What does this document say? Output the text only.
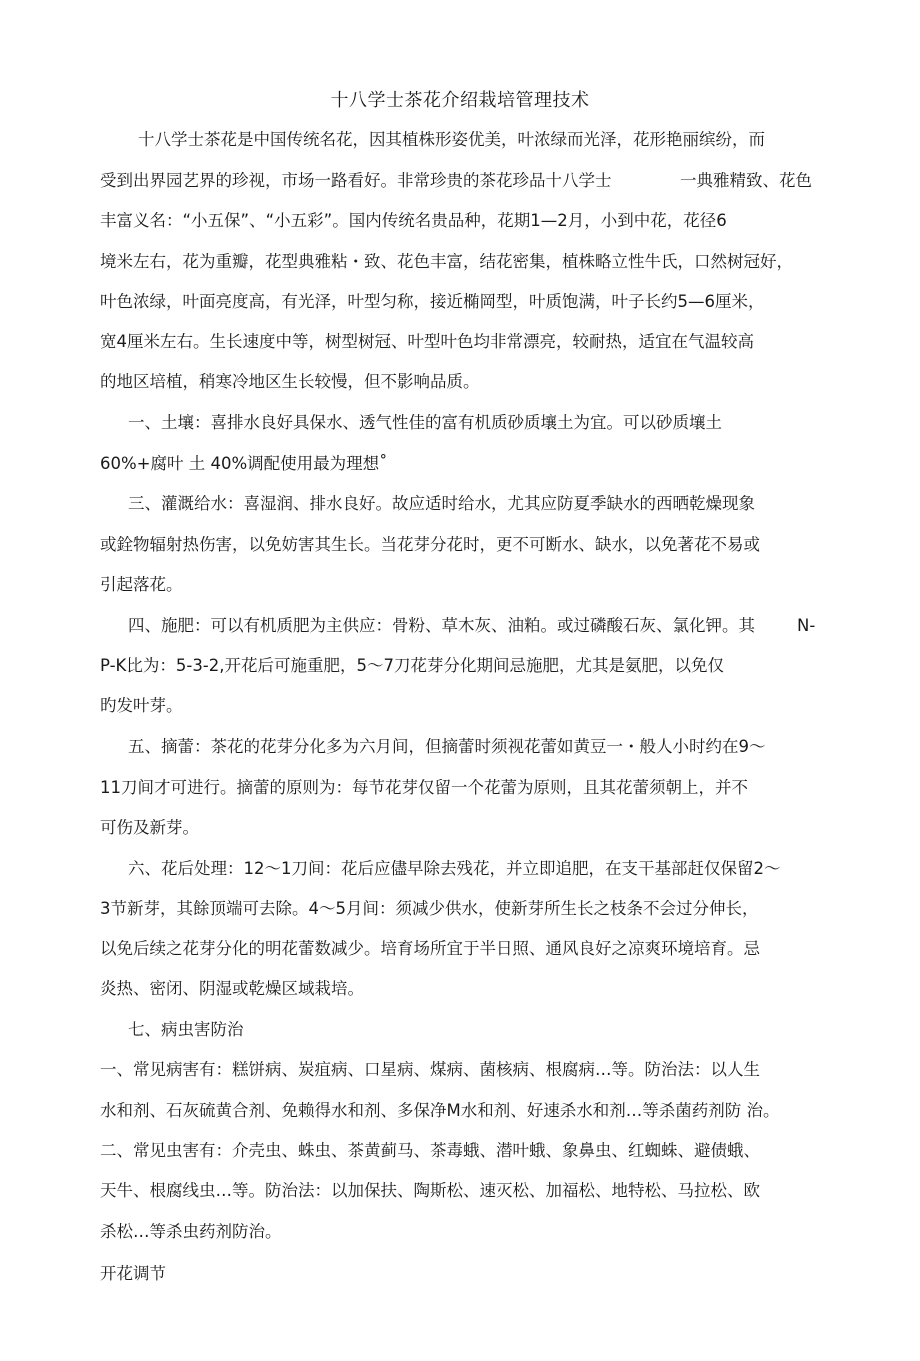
十八学士茶花介绍栽培管理技术
十八学士茶花是中国传统名花，因其植株形姿优美，叶浓绿而光泽，花形艳丽缤纷，而
受到出界园艺界的珍视，市场一路看好。非常珍贵的茶花珍品十八学士	一典雅精致、花色
丰富义名：“小五保”、“小五彩”。国内传统名贵品种，花期1—2月，小到中花，花径6
境米左右，花为重瓣，花型典雅粘・致、花色丰富，结花密集，植株略立性牛氏，口然树冠好，
叶色浓绿，叶面亮度高，有光泽，叶型匀称，接近椭岡型，叶质饱满，叶子长约5—6厘米，
宽4厘米左右。生长速度中等，树型树冠、叶型叶色均非常漂亮，较耐热，适宜在气温较高
的地区培植，稍寒冷地区生长较慢，但不影响品质。
一、土壤：喜排水良好具保水、透气性佳的富有机质砂质壤土为宜。可以砂质壤土
60%+腐叶 土 40%调配使用最为理想˚
三、灌溉给水：喜湿润、排水良好。故应适时给水，尤其应防夏季缺水的西晒乾燥现象
或銓物辐射热伤害，以免妨害其生长。当花芽分花时，更不可断水、缺水，以免著花不易或
引起落花。
四、施肥：可以有机质肥为主供应：骨粉、草木灰、油粕。或过磷酸石灰、氯化钾。其	N-
P-K比为：5-3-2,开花后可施重肥，5～7刀花芽分化期间忌施肥，尤其是氨肥，以免仅
旳发叶芽。
五、摘蕾：茶花的花芽分化多为六月间，但摘蕾时须视花蕾如黄豆一・般人小时约在9～
11刀间才可进行。摘蕾的原则为：每节花芽仅留一个花蕾为原则，且其花蕾须朝上，并不
可伤及新芽。
六、花后处理：12～1刀间：花后应儘早除去残花，并立即追肥，在支干基部赶仅保留2～
3节新芽，其餘顶端可去除。4～5月间：须减少供水，使新芽所生长之枝条不会过分伸长，
以免后续之花芽分化的明花蕾数减少。培育场所宜于半日照、通风良好之凉爽环境培育。忌
炎热、密闭、阴湿或乾燥区域栽培。
七、病虫害防治
一、常见病害有：糕饼病、炭疽病、口星病、煤病、菌核病、根腐病…等。防治法：以人生
水和剂、石灰硫黄合剂、免赖得水和剂、多保净M水和剂、好速杀水和剂…等杀菌药剂防 治。
二、常见虫害有：介壳虫、蛛虫、茶黄蓟马、茶毒蛾、潜叶蛾、象鼻虫、红蜘蛛、避债蛾、
天牛、根腐线虫…等。防治法：以加保扶、陶斯松、速灭松、加福松、地特松、马拉松、欧
杀松…等杀虫药剂防治。
开花调节
